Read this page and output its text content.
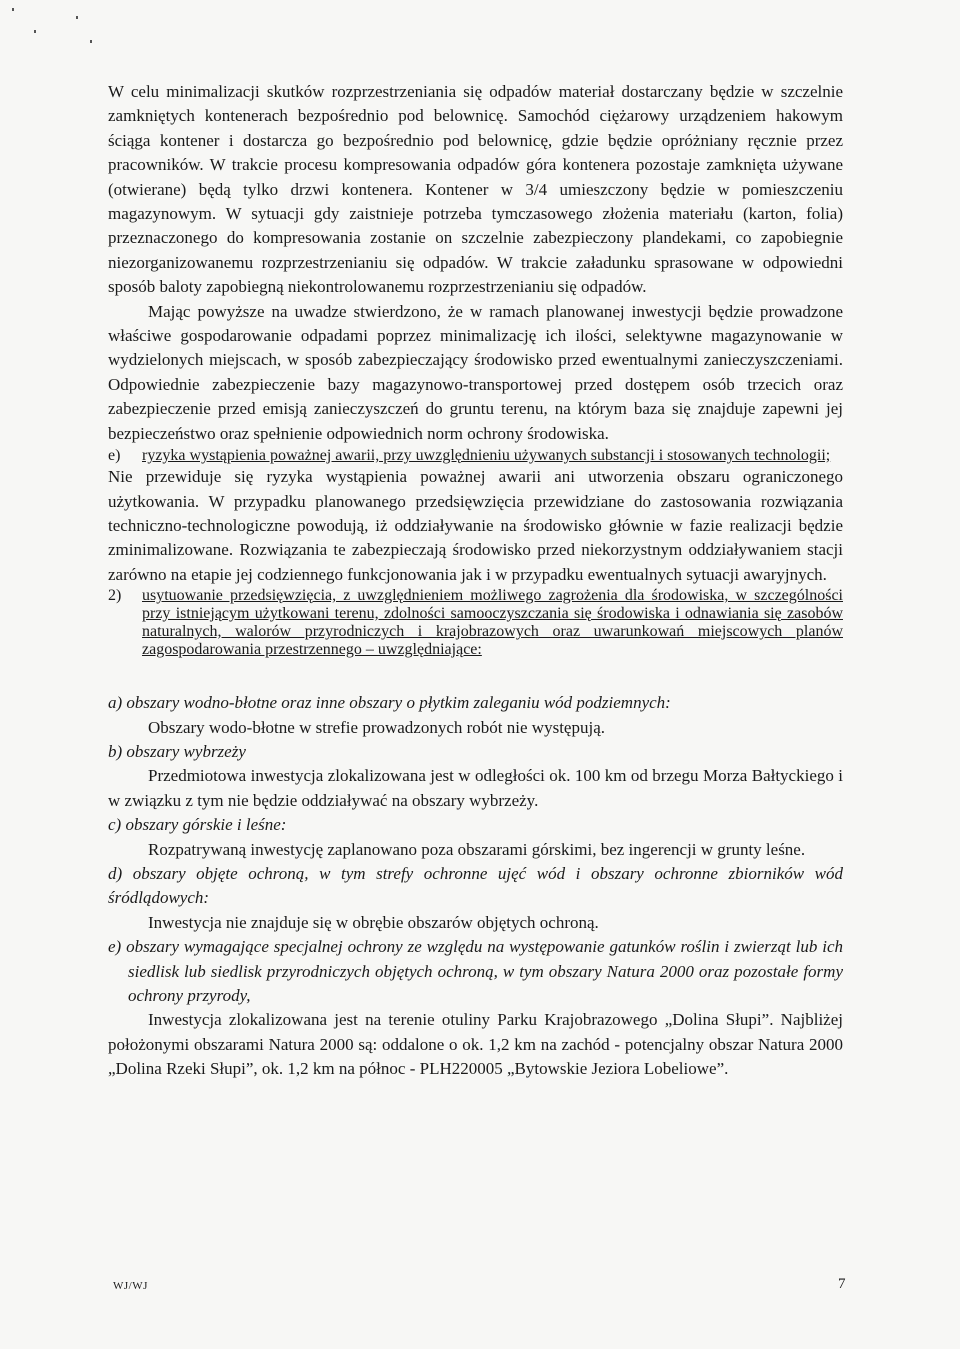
W celu minimalizacji skutków rozprzestrzeniania się odpadów materiał dostarczany będzie w szczelnie zamkniętych kontenerach bezpośrednio pod belownicę. Samochód ciężarowy urządzeniem hakowym ściąga kontener i dostarcza go bezpośrednio pod belownicę, gdzie będzie opróżniany ręcznie przez pracowników. W trakcie procesu kompresowania odpadów góra kontenera pozostaje zamknięta używane (otwierane) będą tylko drzwi kontenera. Kontener w 3/4 umieszczony będzie w pomieszczeniu magazynowym. W sytuacji gdy zaistnieje potrzeba tymczasowego złożenia materiału (karton, folia) przeznaczonego do kompresowania zostanie on szczelnie zabezpieczony plandekami, co zapobiegnie niezorganizowanemu rozprzestrzenianiu się odpadów. W trakcie załadunku sprasowane w odpowiedni sposób baloty zapobiegną niekontrolowanemu rozprzestrzenianiu się odpadów.

Mając powyższe na uwadze stwierdzono, że w ramach planowanej inwestycji będzie prowadzone właściwe gospodarowanie odpadami poprzez minimalizację ich ilości, selektywne magazynowanie w wydzielonych miejscach, w sposób zabezpieczający środowisko przed ewentualnymi zanieczyszczeniami. Odpowiednie zabezpieczenie bazy magazynowo-transportowej przed dostępem osób trzecich oraz zabezpieczenie przed emisją zanieczyszczeń do gruntu terenu, na którym baza się znajduje zapewni jej bezpieczeństwo oraz spełnienie odpowiednich norm ochrony środowiska.

e)	ryzyka wystąpienia poważnej awarii, przy uwzględnieniu używanych substancji i stosowanych technologii;

Nie przewiduje się ryzyka wystąpienia poważnej awarii ani utworzenia obszaru ograniczonego użytkowania. W przypadku planowanego przedsięwzięcia przewidziane do zastosowania rozwiązania techniczno-technologiczne powodują, iż oddziaływanie na środowisko głównie w fazie realizacji będzie zminimalizowane. Rozwiązania te zabezpieczają środowisko przed niekorzystnym oddziaływaniem stacji zarówno na etapie jej codziennego funkcjonowania jak i w przypadku ewentualnych sytuacji awaryjnych.

2)	usytuowanie przedsięwzięcia, z uwzględnieniem możliwego zagrożenia dla środowiska, w szczególności przy istniejącym użytkowani terenu, zdolności samooczyszczania się środowiska i odnawiania się zasobów naturalnych, walorów przyrodniczych i krajobrazowych oraz uwarunkowań miejscowych planów zagospodarowania przestrzennego – uwzględniające:

a) obszary wodno-błotne oraz inne obszary o płytkim zaleganiu wód podziemnych:

Obszary wodo-błotne w strefie prowadzonych robót nie występują.

b) obszary wybrzeży

Przedmiotowa inwestycja zlokalizowana jest w odległości ok. 100 km od brzegu Morza Bałtyckiego i w związku z tym nie będzie oddziaływać na obszary wybrzeży.

c) obszary górskie i leśne:

Rozpatrywaną inwestycję zaplanowano poza obszarami górskimi, bez ingerencji w grunty leśne.

d) obszary objęte ochroną, w tym strefy ochronne ujęć wód i obszary ochronne zbiorników wód śródlądowych:

Inwestycja nie znajduje się w obrębie obszarów objętych ochroną.

e) obszary wymagające specjalnej ochrony ze względu na występowanie gatunków roślin i zwierząt lub ich siedlisk lub siedlisk przyrodniczych objętych ochroną, w tym obszary Natura 2000 oraz pozostałe formy ochrony przyrody,

Inwestycja zlokalizowana jest na terenie otuliny Parku Krajobrazowego „Dolina Słupi”. Najbliżej położonymi obszarami Natura 2000 są: oddalone o ok. 1,2 km na zachód - potencjalny obszar Natura 2000 „Dolina Rzeki Słupi”, ok. 1,2 km na północ - PLH220005 „Bytowskie Jeziora Lobeliowe”.

WJ/WJ	7
